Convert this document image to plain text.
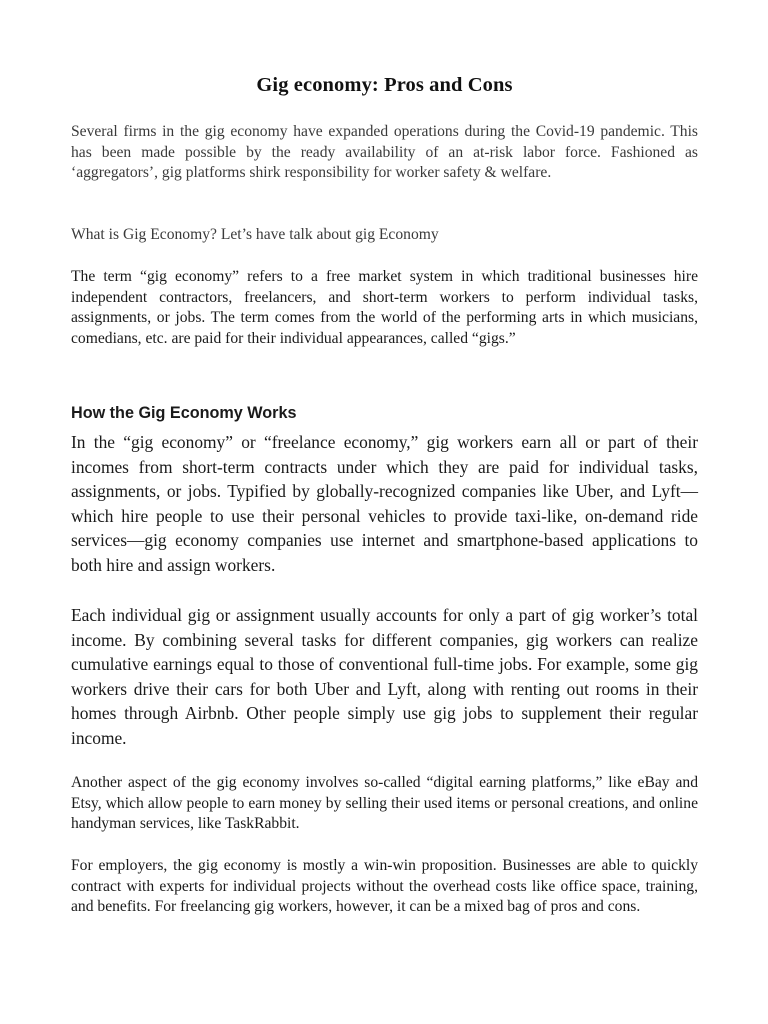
Gig economy: Pros and Cons

Several firms in the gig economy have expanded operations during the Covid-19 pandemic. This has been made possible by the ready availability of an at-risk labor force. Fashioned as ‘aggregators’, gig platforms shirk responsibility for worker safety & welfare.

What is Gig Economy? Let’s have talk about gig Economy

The term “gig economy” refers to a free market system in which traditional businesses hire independent contractors, freelancers, and short-term workers to perform individual tasks, assignments, or jobs. The term comes from the world of the performing arts in which musicians, comedians, etc. are paid for their individual appearances, called “gigs.”

How the Gig Economy Works

In the “gig economy” or “freelance economy,” gig workers earn all or part of their incomes from short-term contracts under which they are paid for individual tasks, assignments, or jobs. Typified by globally-recognized companies like Uber, and Lyft—which hire people to use their personal vehicles to provide taxi-like, on-demand ride services—gig economy companies use internet and smartphone-based applications to both hire and assign workers.

Each individual gig or assignment usually accounts for only a part of gig worker’s total income. By combining several tasks for different companies, gig workers can realize cumulative earnings equal to those of conventional full-time jobs. For example, some gig workers drive their cars for both Uber and Lyft, along with renting out rooms in their homes through Airbnb. Other people simply use gig jobs to supplement their regular income.

Another aspect of the gig economy involves so-called “digital earning platforms,” like eBay and Etsy, which allow people to earn money by selling their used items or personal creations, and online handyman services, like TaskRabbit.

For employers, the gig economy is mostly a win-win proposition. Businesses are able to quickly contract with experts for individual projects without the overhead costs like office space, training, and benefits. For freelancing gig workers, however, it can be a mixed bag of pros and cons.
